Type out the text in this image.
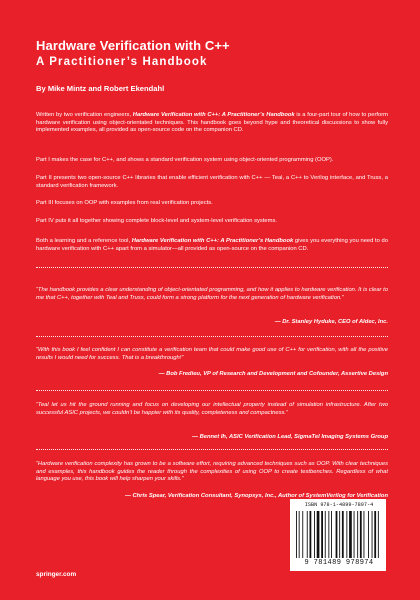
Hardware Verification with C++
A Practitioner’s Handbook
By Mike Mintz and Robert Ekendahl
Written by two verification engineers, Hardware Verification with C++: A Practitioner’s Handbook is a four-part tour of how to perform hardware verification using object-orientated techniques. This handbook goes beyond hype and theoretical discussions to show fully implemented examples, all provided as open-source code on the companion CD.
Part I makes the case for C++, and shows a standard verification system using object-oriented programming (OOP).
Part II presents two open-source C++ libraries that enable efficient verification with C++ — Teal, a C++ to Verilog interface, and Truss, a standard verification framework.
Part III focuses on OOP with examples from real verification projects.
Part IV puts it all together showing complete block-level and system-level verification systems.
Both a learning and a reference tool, Hardware Verification with C++: A Practitioner’s Handbook gives you everything you need to do hardware verification with C++ apart from a simulator—all provided as open-source on the companion CD.
“The handbook provides a clear understanding of object-orientated programming, and how it applies to hardware verification. It is clear to me that C++, together with Teal and Truss, could form a strong platform for the next generation of hardware verification.”
— Dr. Stanley Hyduke, CEO of Aldec, Inc.
“With this book I feel confident I can constitute a verification team that could make good use of C++ for verification, with all the positive results I would need for success. That is a breakthrough!”
— Bob Fredieu, VP of Research and Development and Cofounder, Assertive Design
“Teal let us hit the ground running and focus on developing our intellectual property instead of simulation infrastructure. After two successful ASIC projects, we couldn’t be happier with its quality, completeness and compactness.”
— Bennet Ih, ASIC Verification Lead, SigmaTel Imaging Systems Group
“Hardware verification complexity has grown to be a software effort, requiring advanced techniques such as OOP. With clear techniques and examples, this handbook guides the reader through the complexities of using OOP to create testbenches. Regardless of what language you use, this book will help sharpen your skills.”
— Chris Spear, Verification Consultant, Synopsys, Inc., Author of SystemVerilog for Verification
springer.com
ISBN 978-1-4899-7897-4
9 781489 978974
